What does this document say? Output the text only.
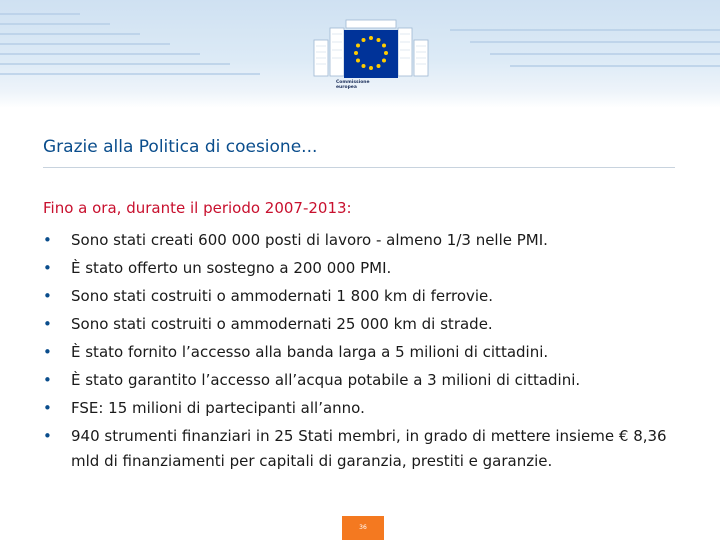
Commissione
europea
Grazie alla Politica di coesione...

Fino a ora, durante il periodo 2007-2013:

• Sono stati creati 600 000 posti di lavoro - almeno 1/3 nelle PMI.
• È stato offerto un sostegno a 200 000 PMI.
• Sono stati costruiti o ammodernati 1 800 km di ferrovie.
• Sono stati costruiti o ammodernati 25 000 km di strade.
• È stato fornito l’accesso alla banda larga a 5 milioni di cittadini.
• È stato garantito l’accesso all’acqua potabile a 3 milioni di cittadini.
• FSE: 15 milioni di partecipanti all’anno.
• 940 strumenti finanziari in 25 Stati membri, in grado di mettere insieme € 8,36 mld di finanziamenti per capitali di garanzia, prestiti e garanzie.
36
